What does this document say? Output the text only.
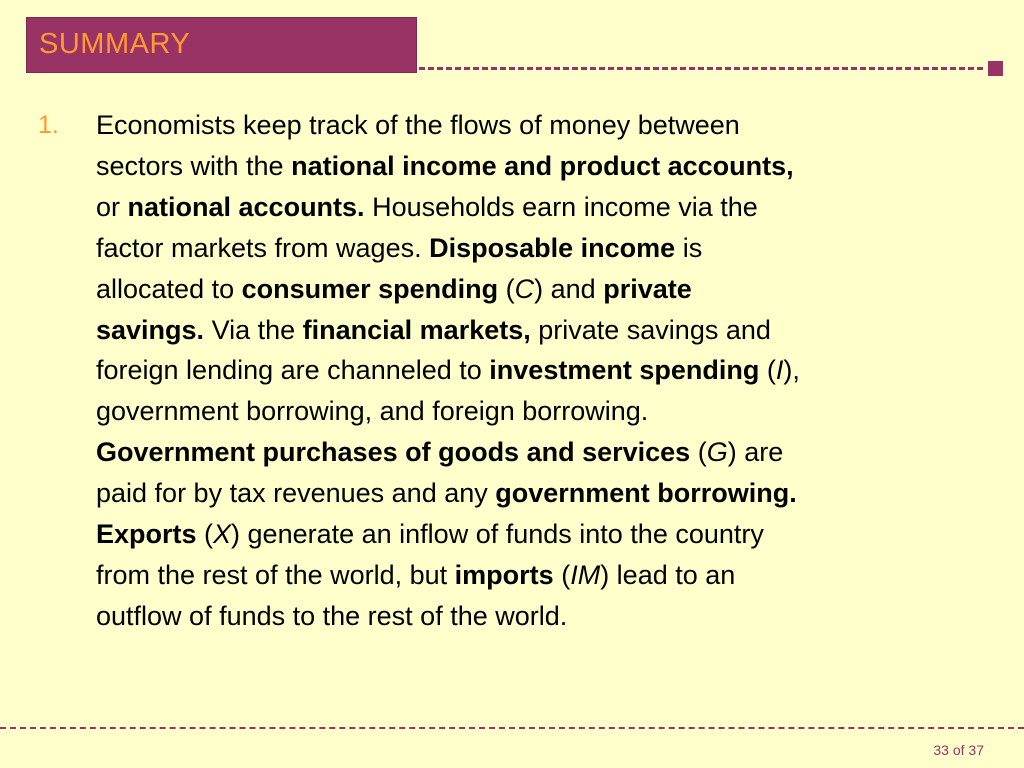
SUMMARY
1. Economists keep track of the flows of money between
sectors with the national income and product accounts,
or national accounts. Households earn income via the
factor markets from wages. Disposable income is
allocated to consumer spending (C) and private
savings. Via the financial markets, private savings and
foreign lending are channeled to investment spending (I),
government borrowing, and foreign borrowing.
Government purchases of goods and services (G) are
paid for by tax revenues and any government borrowing.
Exports (X) generate an inflow of funds into the country
from the rest of the world, but imports (IM) lead to an
outflow of funds to the rest of the world.
33 of 37
